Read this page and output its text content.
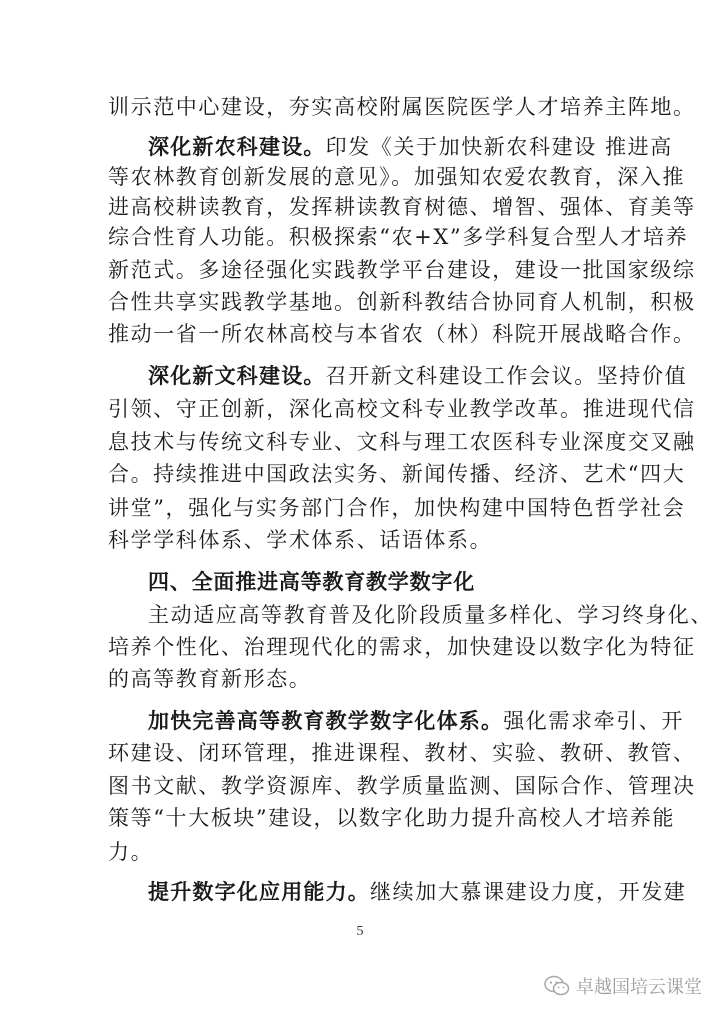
训示范中心建设，夯实高校附属医院医学人才培养主阵地。
深化新农科建设。印发《关于加快新农科建设 推进高
等农林教育创新发展的意见》。加强知农爱农教育，深入推
进高校耕读教育，发挥耕读教育树德、增智、强体、育美等
综合性育人功能。积极探索“农+X”多学科复合型人才培养
新范式。多途径强化实践教学平台建设，建设一批国家级综
合性共享实践教学基地。创新科教结合协同育人机制，积极
推动一省一所农林高校与本省农（林）科院开展战略合作。
深化新文科建设。召开新文科建设工作会议。坚持价值
引领、守正创新，深化高校文科专业教学改革。推进现代信
息技术与传统文科专业、文科与理工农医科专业深度交叉融
合。持续推进中国政法实务、新闻传播、经济、艺术“四大
讲堂”，强化与实务部门合作，加快构建中国特色哲学社会
科学学科体系、学术体系、话语体系。
四、全面推进高等教育教学数字化
主动适应高等教育普及化阶段质量多样化、学习终身化、
培养个性化、治理现代化的需求，加快建设以数字化为特征
的高等教育新形态。
加快完善高等教育教学数字化体系。强化需求牵引、开
环建设、闭环管理，推进课程、教材、实验、教研、教管、
图书文献、教学资源库、教学质量监测、国际合作、管理决
策等“十大板块”建设，以数字化助力提升高校人才培养能
力。
提升数字化应用能力。继续加大慕课建设力度，开发建
5
卓越国培云课堂
